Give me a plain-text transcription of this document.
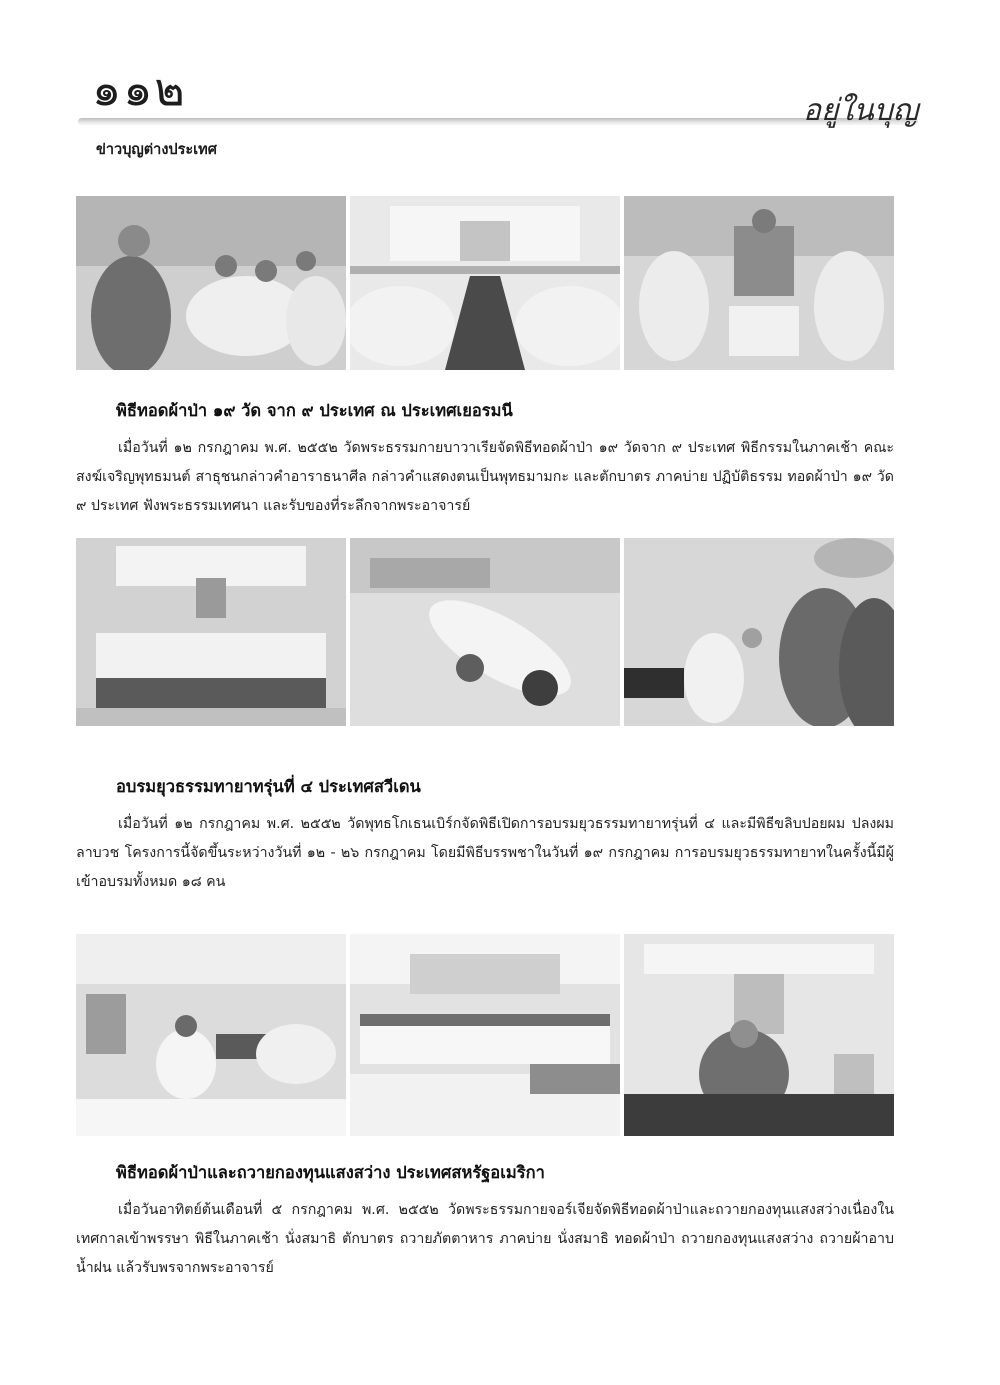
๑๑๒	อยู่ในบุญ
ข่าวบุญต่างประเทศ
พิธีทอดผ้าป่า ๑๙ วัด จาก ๙ ประเทศ ณ ประเทศเยอรมนี

เมื่อวันที่ ๑๒ กรกฎาคม พ.ศ. ๒๕๕๒ วัดพระธรรมกายบาวาเรียจัดพิธีทอดผ้าป่า ๑๙ วัดจาก ๙ ประเทศ พิธีกรรมในภาคเช้า คณะสงฆ์เจริญพุทธมนต์ สาธุชนกล่าวคำอาราธนาศีล กล่าวคำแสดงตนเป็นพุทธมามกะ และตักบาตร ภาคบ่าย ปฏิบัติธรรม ทอดผ้าป่า ๑๙ วัด ๙ ประเทศ ฟังพระธรรมเทศนา และรับของที่ระลึกจากพระอาจารย์

อบรมยุวธรรมทายาทรุ่นที่ ๔ ประเทศสวีเดน

เมื่อวันที่ ๑๒ กรกฎาคม พ.ศ. ๒๕๕๒ วัดพุทธโกเธนเบิร์กจัดพิธีเปิดการอบรมยุวธรรมทายาทรุ่นที่ ๔ และมีพิธีขลิบปอยผม ปลงผม ลาบวช โครงการนี้จัดขึ้นระหว่างวันที่ ๑๒ - ๒๖ กรกฎาคม โดยมีพิธีบรรพชาในวันที่ ๑๙ กรกฎาคม การอบรมยุวธรรมทายาทในครั้งนี้มีผู้เข้าอบรมทั้งหมด ๑๘ คน

พิธีทอดผ้าป่าและถวายกองทุนแสงสว่าง ประเทศสหรัฐอเมริกา

เมื่อวันอาทิตย์ต้นเดือนที่ ๕ กรกฎาคม พ.ศ. ๒๕๕๒ วัดพระธรรมกายจอร์เจียจัดพิธีทอดผ้าป่าและถวายกองทุนแสงสว่างเนื่องในเทศกาลเข้าพรรษา พิธีในภาคเช้า นั่งสมาธิ ตักบาตร ถวายภัตตาหาร ภาคบ่าย นั่งสมาธิ ทอดผ้าป่า ถวายกองทุนแสงสว่าง ถวายผ้าอาบน้ำฝน แล้วรับพรจากพระอาจารย์
